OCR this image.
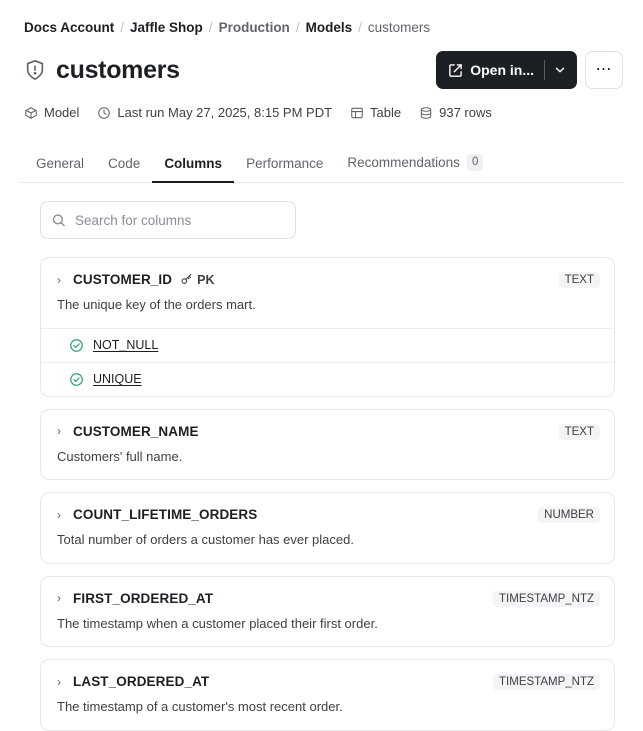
Docs Account / Jaffle Shop / Production / Models / customers
customers	Open in...	⋯
Model	Last run May 27, 2025, 8:15 PM PDT	Table	937 rows
General Code Columns Performance Recommendations	0
Search for columns
› CUSTOMER_ID PK	TEXT
The unique key of the orders mart.
NOT_NULL
UNIQUE
› CUSTOMER_NAME	TEXT
Customers' full name.
› COUNT_LIFETIME_ORDERS	NUMBER
Total number of orders a customer has ever placed.
› FIRST_ORDERED_AT	TIMESTAMP_NTZ
The timestamp when a customer placed their first order.
› LAST_ORDERED_AT	TIMESTAMP_NTZ
The timestamp of a customer's most recent order.
